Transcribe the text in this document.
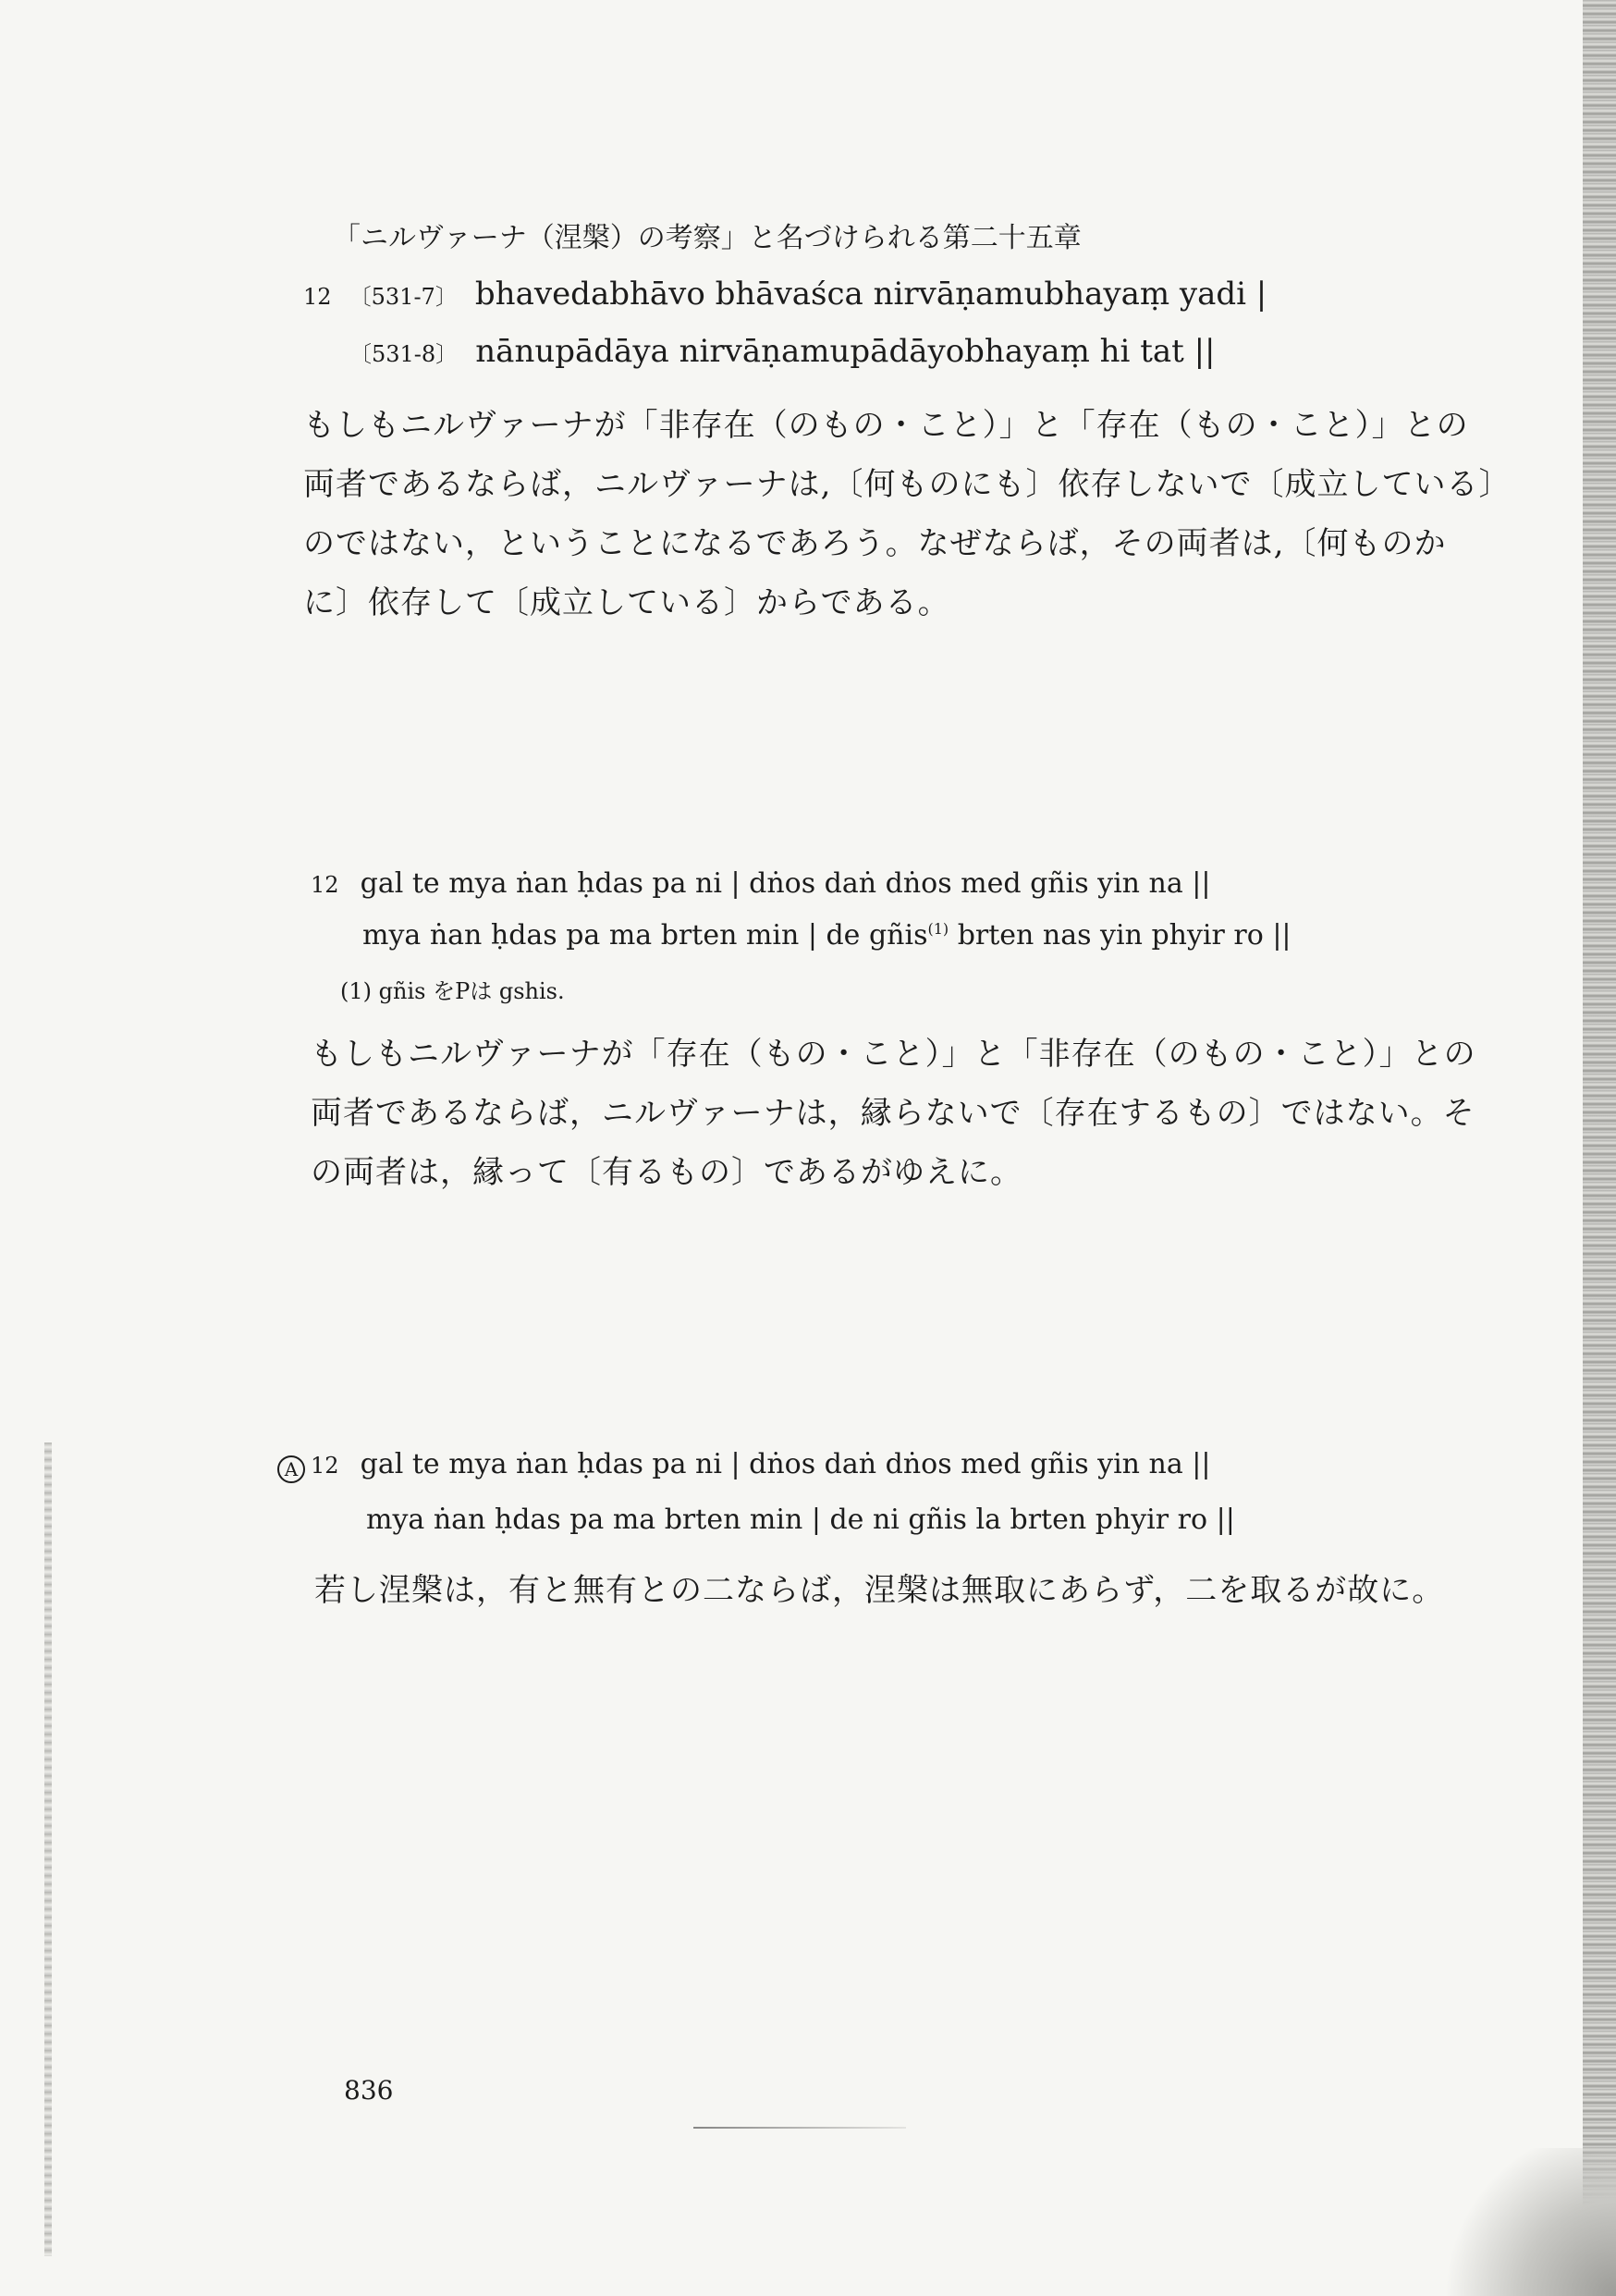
「ニルヴァーナ（涅槃）の考察」と名づけられる第二十五章
12 〔531-7〕 bhavedabhāvo bhāvaśca nirvāṇamubhayaṃ yadi |
〔531-8〕 nānupādāya nirvāṇamupādāyobhayaṃ hi tat ||
もしもニルヴァーナが「非存在（のもの・こと）」と「存在（もの・こと）」との
両者であるならば，ニルヴァーナは,〔何ものにも〕依存しないで〔成立している〕
のではない，ということになるであろう。なぜならば，その両者は,〔何ものか
に〕依存して〔成立している〕からである。
12 gal te mya ṅan ḥdas pa ni | dṅos daṅ dṅos med gñis yin na ||
mya ṅan ḥdas pa ma brten min | de gñis$^{(1)}$ brten nas yin phyir ro ||
(1) gñis をPは gshis.
もしもニルヴァーナが「存在（もの・こと）」と「非存在（のもの・こと）」との
両者であるならば，ニルヴァーナは，縁らないで〔存在するもの〕ではない。そ
の両者は，縁って〔有るもの〕であるがゆえに。
A 12 gal te mya ṅan ḥdas pa ni | dṅos daṅ dṅos med gñis yin na ||
mya ṅan ḥdas pa ma brten min | de ni gñis la brten phyir ro ||
若し涅槃は，有と無有との二ならば，涅槃は無取にあらず，二を取るが故に。
836
